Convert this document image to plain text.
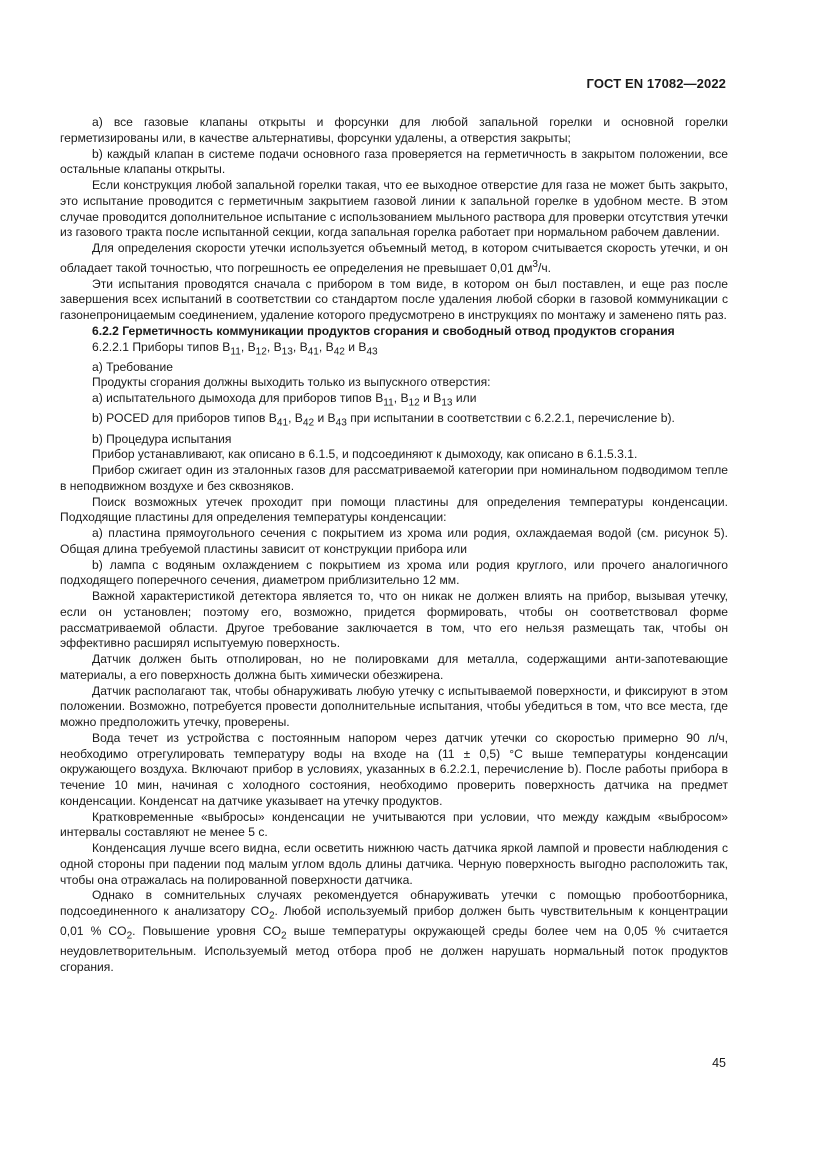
ГОСТ EN 17082—2022

а) все газовые клапаны открыты и форсунки для любой запальной горелки и основной горелки герметизированы или, в качестве альтернативы, форсунки удалены, а отверстия закрыты;

b) каждый клапан в системе подачи основного газа проверяется на герметичность в закрытом положении, все остальные клапаны открыты.

Если конструкция любой запальной горелки такая, что ее выходное отверстие для газа не может быть закрыто, это испытание проводится с герметичным закрытием газовой линии к запальной горелке в удобном месте. В этом случае проводится дополнительное испытание с использованием мыльного раствора для проверки отсутствия утечки из газового тракта после испытанной секции, когда запальная горелка работает при нормальном рабочем давлении.

Для определения скорости утечки используется объемный метод, в котором считывается скорость утечки, и он обладает такой точностью, что погрешность ее определения не превышает 0,01 $дм^3/ч$.

Эти испытания проводятся сначала с прибором в том виде, в котором он был поставлен, и еще раз после завершения всех испытаний в соответствии со стандартом после удаления любой сборки в газовой коммуникации с газонепроницаемым соединением, удаление которого предусмотрено в инструкциях по монтажу и заменено пять раз.

6.2.2 Герметичность коммуникации продуктов сгорания и свободный отвод продуктов сгорания

6.2.2.1 Приборы типов $B_{11}$, $B_{12}$, $B_{13}$, $B_{41}$, $B_{42}$ и $B_{43}$

а) Требование

Продукты сгорания должны выходить только из выпускного отверстия:

а) испытательного дымохода для приборов типов $B_{11}$, $B_{12}$ и $B_{13}$ или

b) POCED для приборов типов $B_{41}$, $B_{42}$ и $B_{43}$ при испытании в соответствии с 6.2.2.1, перечисление b).

b) Процедура испытания

Прибор устанавливают, как описано в 6.1.5, и подсоединяют к дымоходу, как описано в 6.1.5.3.1.

Прибор сжигает один из эталонных газов для рассматриваемой категории при номинальном подводимом тепле в неподвижном воздухе и без сквозняков.

Поиск возможных утечек проходит при помощи пластины для определения температуры конденсации. Подходящие пластины для определения температуры конденсации:

а) пластина прямоугольного сечения с покрытием из хрома или родия, охлаждаемая водой (см. рисунок 5). Общая длина требуемой пластины зависит от конструкции прибора или

b) лампа с водяным охлаждением с покрытием из хрома или родия круглого, или прочего аналогичного подходящего поперечного сечения, диаметром приблизительно 12 мм.

Важной характеристикой детектора является то, что он никак не должен влиять на прибор, вызывая утечку, если он установлен; поэтому его, возможно, придется формировать, чтобы он соответствовал форме рассматриваемой области. Другое требование заключается в том, что его нельзя размещать так, чтобы он эффективно расширял испытуемую поверхность.

Датчик должен быть отполирован, но не полировками для металла, содержащими анти-запотевающие материалы, а его поверхность должна быть химически обезжирена.

Датчик располагают так, чтобы обнаруживать любую утечку с испытываемой поверхности, и фиксируют в этом положении. Возможно, потребуется провести дополнительные испытания, чтобы убедиться в том, что все места, где можно предположить утечку, проверены.

Вода течет из устройства с постоянным напором через датчик утечки со скоростью примерно 90 л/ч, необходимо отрегулировать температуру воды на входе на (11 ± 0,5) °C выше температуры конденсации окружающего воздуха. Включают прибор в условиях, указанных в 6.2.2.1, перечисление b). После работы прибора в течение 10 мин, начиная с холодного состояния, необходимо проверить поверхность датчика на предмет конденсации. Конденсат на датчике указывает на утечку продуктов.

Кратковременные «выбросы» конденсации не учитываются при условии, что между каждым «выбросом» интервалы составляют не менее 5 с.

Конденсация лучше всего видна, если осветить нижнюю часть датчика яркой лампой и провести наблюдения с одной стороны при падении под малым углом вдоль длины датчика. Черную поверхность выгодно расположить так, чтобы она отражалась на полированной поверхности датчика.

Однако в сомнительных случаях рекомендуется обнаруживать утечки с помощью пробоотборника, подсоединенного к анализатору $CO_2$. Любой используемый прибор должен быть чувствительным к концентрации 0,01 % $CO_2$. Повышение уровня $CO_2$ выше температуры окружающей среды более чем на 0,05 % считается неудовлетворительным. Используемый метод отбора проб не должен нарушать нормальный поток продуктов сгорания.

45
